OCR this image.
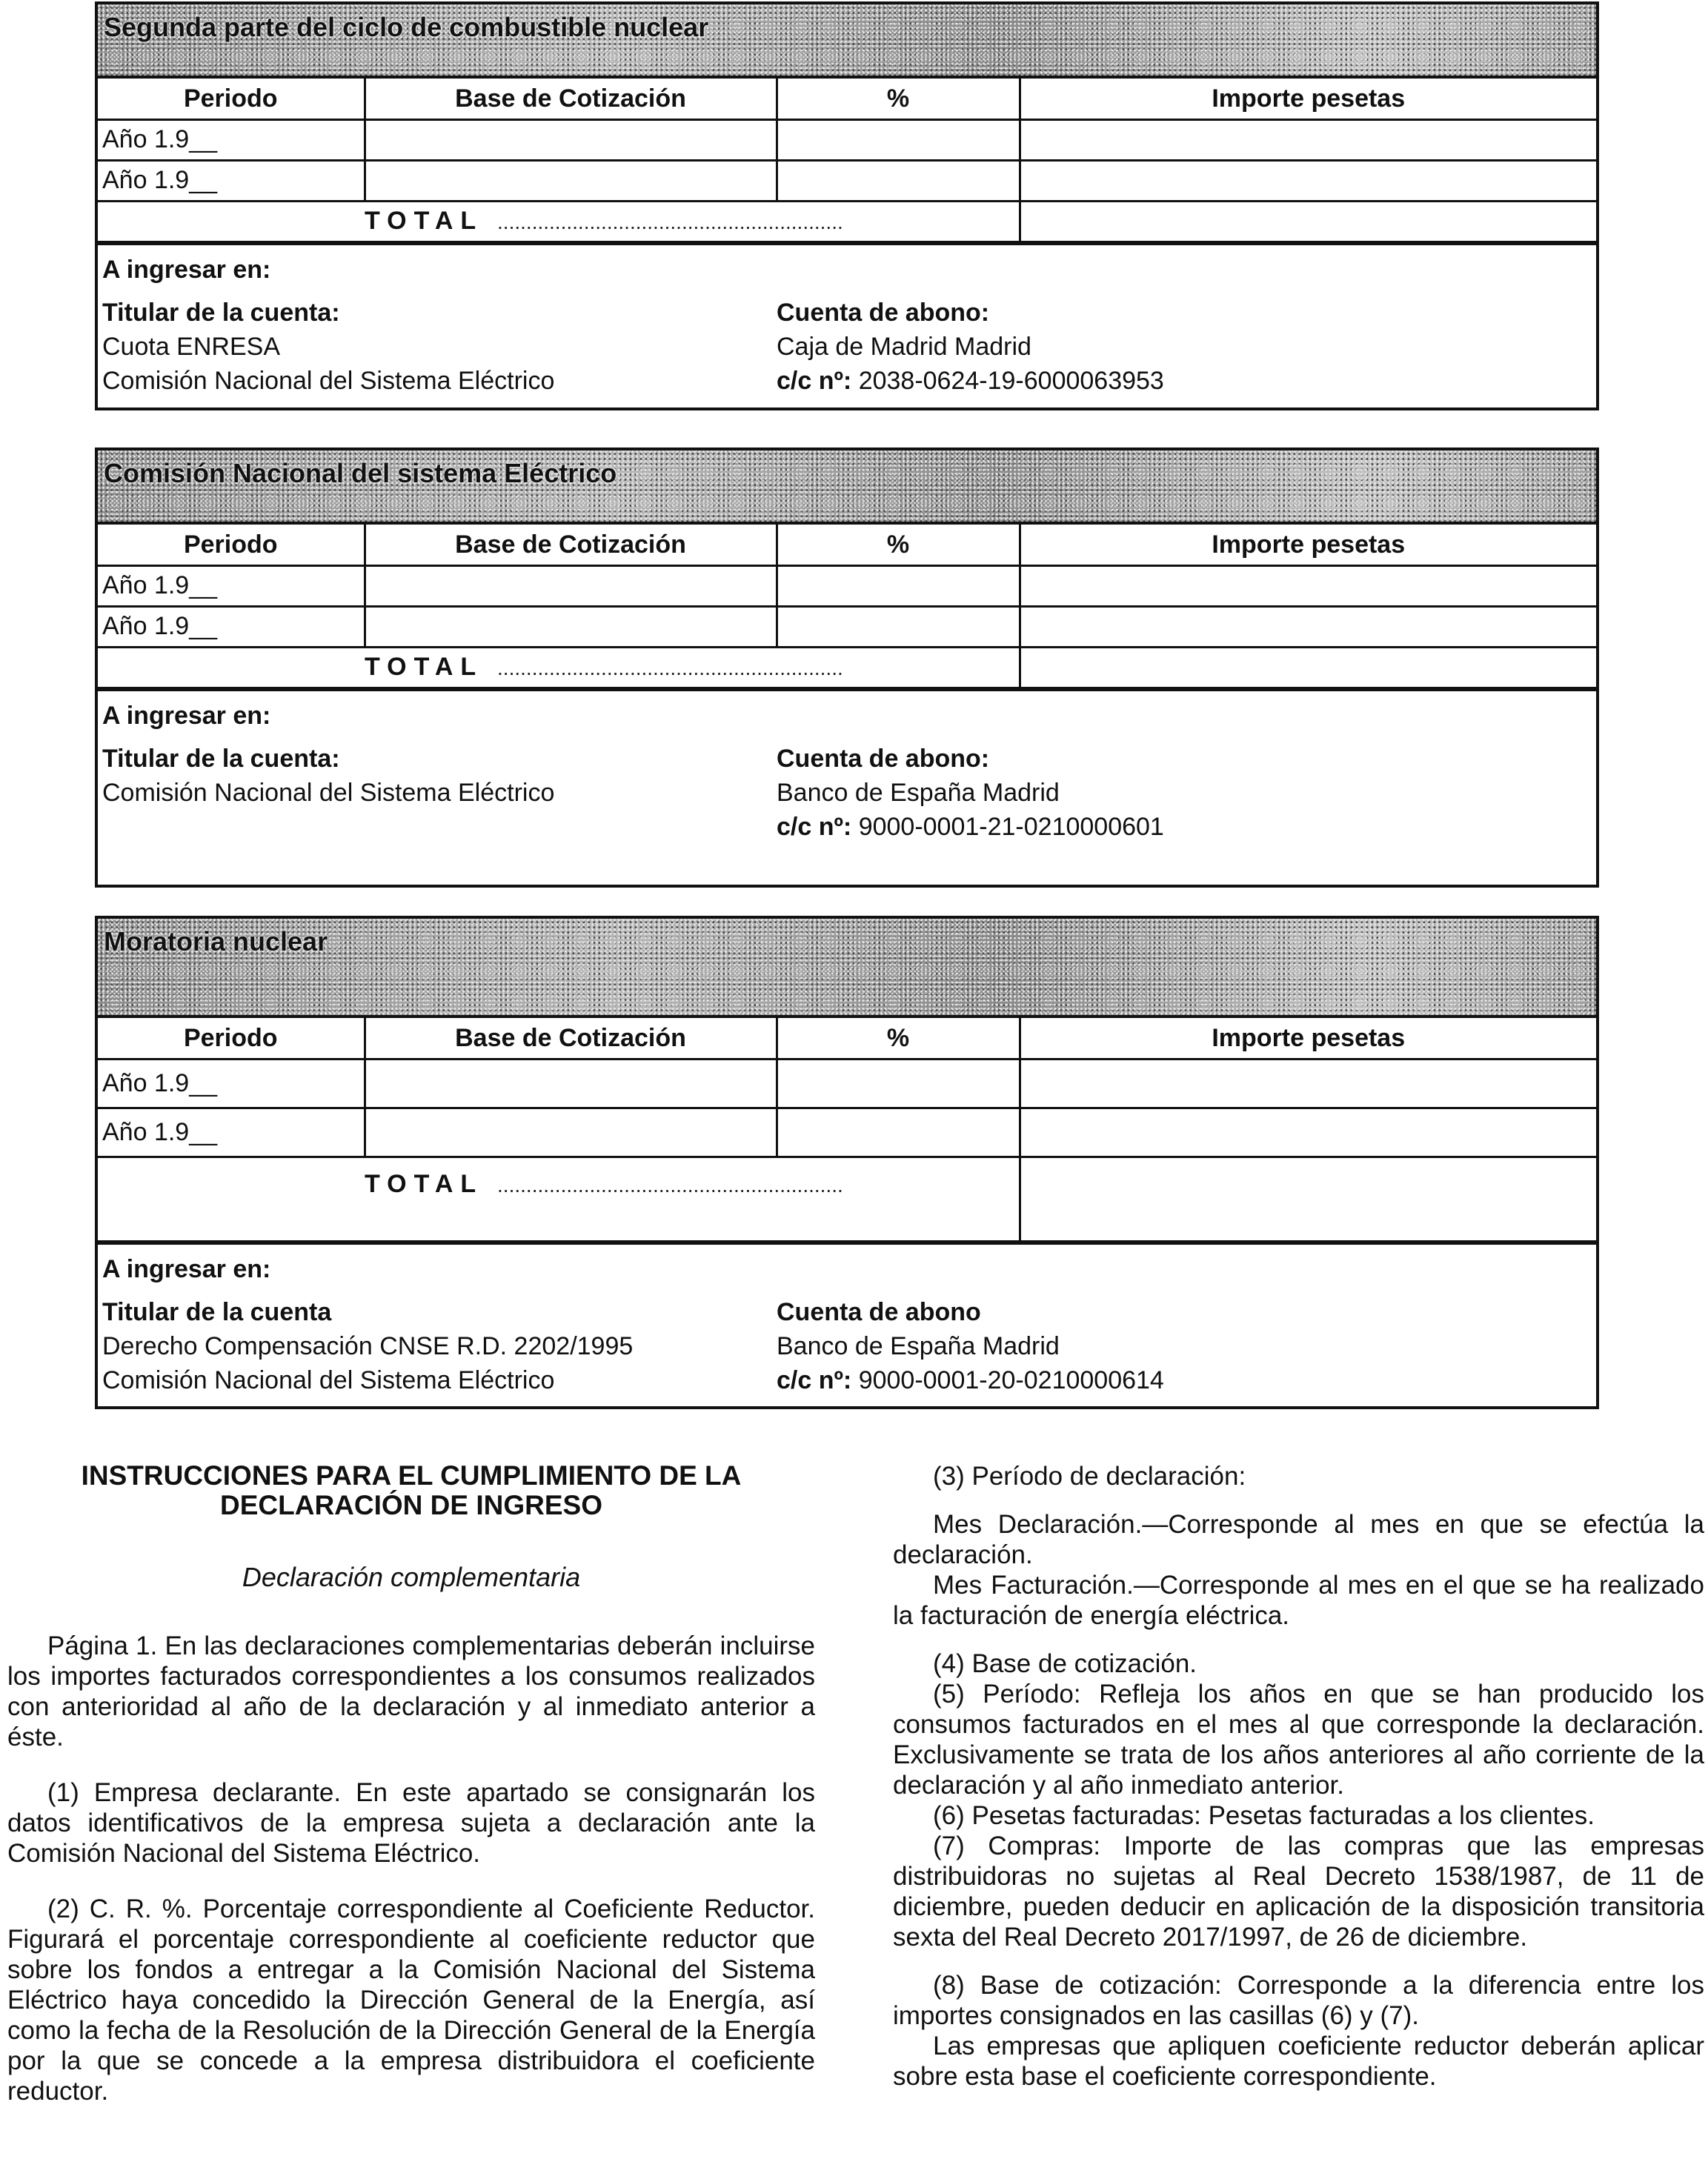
Segunda parte del ciclo de combustible nuclear
Periodo	Base de Cotización	%	Importe pesetas
Año 1.9__			
Año 1.9__			
TOTAL ............................................................			
A ingresar en:
Titular de la cuenta:
Cuota ENRESA
Comisión Nacional del Sistema Eléctrico
Cuenta de abono:
Caja de Madrid Madrid
c/c nº: 2038-0624-19-6000063953
Comisión Nacional del sistema Eléctrico
Periodo	Base de Cotización	%	Importe pesetas
Año 1.9__			
Año 1.9__			
TOTAL ............................................................			
A ingresar en:
Titular de la cuenta:
Comisión Nacional del Sistema Eléctrico
Cuenta de abono:
Banco de España Madrid
c/c nº: 9000-0001-21-0210000601
Moratoria nuclear
Periodo	Base de Cotización	%	Importe pesetas
Año 1.9__			
Año 1.9__			
TOTAL ............................................................			
A ingresar en:
Titular de la cuenta
Derecho Compensación CNSE R.D. 2202/1995
Comisión Nacional del Sistema Eléctrico
Cuenta de abono
Banco de España Madrid
c/c nº: 9000-0001-20-0210000614

INSTRUCCIONES PARA EL CUMPLIMIENTO DE LA DECLARACIÓN DE INGRESO

Declaración complementaria

Página 1. En las declaraciones complementarias deberán incluirse los importes facturados correspondientes a los consumos realizados con anterioridad al año de la declaración y al inmediato anterior a éste.

(1) Empresa declarante. En este apartado se consignarán los datos identificativos de la empresa sujeta a declaración ante la Comisión Nacional del Sistema Eléctrico.

(2) C. R. %. Porcentaje correspondiente al Coeficiente Reductor. Figurará el porcentaje correspondiente al coeficiente reductor que sobre los fondos a entregar a la Comisión Nacional del Sistema Eléctrico haya concedido la Dirección General de la Energía, así como la fecha de la Resolución de la Dirección General de la Energía por la que se concede a la empresa distribuidora el coeficiente reductor.

(3) Período de declaración:

Mes Declaración.—Corresponde al mes en que se efectúa la declaración.

Mes Facturación.—Corresponde al mes en el que se ha realizado la facturación de energía eléctrica.

(4) Base de cotización.

(5) Período: Refleja los años en que se han producido los consumos facturados en el mes al que corresponde la declaración. Exclusivamente se trata de los años anteriores al año corriente de la declaración y al año inmediato anterior.

(6) Pesetas facturadas: Pesetas facturadas a los clientes.

(7) Compras: Importe de las compras que las empresas distribuidoras no sujetas al Real Decreto 1538/1987, de 11 de diciembre, pueden deducir en aplicación de la disposición transitoria sexta del Real Decreto 2017/1997, de 26 de diciembre.

(8) Base de cotización: Corresponde a la diferencia entre los importes consignados en las casillas (6) y (7).

Las empresas que apliquen coeficiente reductor deberán aplicar sobre esta base el coeficiente correspondiente.
